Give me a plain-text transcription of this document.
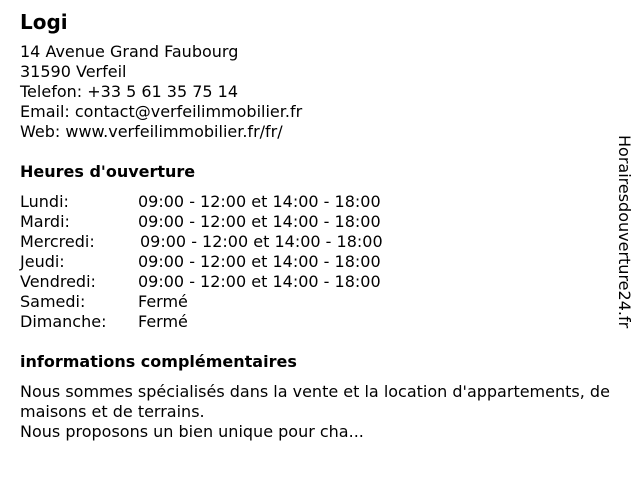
Logi
14 Avenue Grand Faubourg
31590 Verfeil
Telefon: +33 5 61 35 75 14
Email: contact@verfeilimmobilier.fr
Web: www.verfeilimmobilier.fr/fr/
Heures d'ouverture
Lundi:	09:00 - 12:00 et 14:00 - 18:00
Mardi:	09:00 - 12:00 et 14:00 - 18:00
Mercredi:	09:00 - 12:00 et 14:00 - 18:00
Jeudi:	09:00 - 12:00 et 14:00 - 18:00
Vendredi:	09:00 - 12:00 et 14:00 - 18:00
Samedi:	Fermé
Dimanche:	Fermé
informations complémentaires
Nous sommes spécialisés dans la vente et la location d'appartements, de maisons et de terrains.
Nous proposons un bien unique pour cha...
Horairesdouverture24.fr
